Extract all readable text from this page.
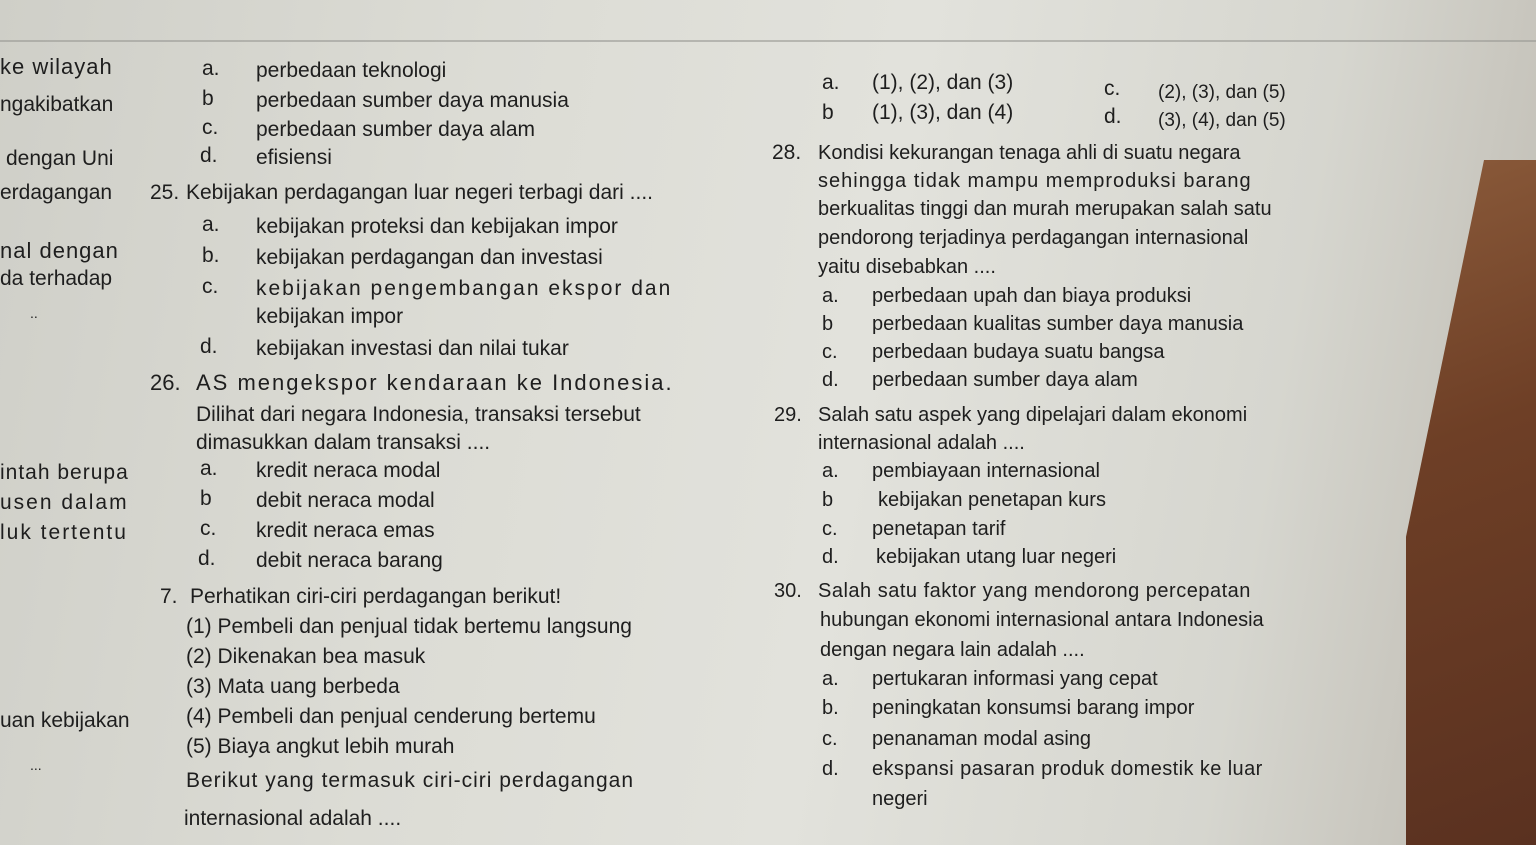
ke wilayah
ngakibatkan
dengan Uni
erdagangan
nal dengan
da terhadap
..
intah berupa
usen dalam
luk tertentu
uan kebijakan
...
a. perbedaan teknologi
b perbedaan sumber daya manusia
c. perbedaan sumber daya alam
d. efisiensi
25. Kebijakan perdagangan luar negeri terbagi dari ....
a. kebijakan proteksi dan kebijakan impor
b. kebijakan perdagangan dan investasi
c. kebijakan pengembangan ekspor dan
kebijakan impor
d. kebijakan investasi dan nilai tukar
26. AS mengekspor kendaraan ke Indonesia.
Dilihat dari negara Indonesia, transaksi tersebut
dimasukkan dalam transaksi ....
a. kredit neraca modal
b debit neraca modal
c. kredit neraca emas
d. debit neraca barang
7. Perhatikan ciri-ciri perdagangan berikut!
(1) Pembeli dan penjual tidak bertemu langsung
(2) Dikenakan bea masuk
(3) Mata uang berbeda
(4) Pembeli dan penjual cenderung bertemu
(5) Biaya angkut lebih murah
Berikut yang termasuk ciri-ciri perdagangan
internasional adalah ....
a. (1), (2), dan (3)
b (1), (3), dan (4)
c. (2), (3), dan (5)
d. (3), (4), dan (5)
28. Kondisi kekurangan tenaga ahli di suatu negara
sehingga tidak mampu memproduksi barang
berkualitas tinggi dan murah merupakan salah satu
pendorong terjadinya perdagangan internasional
yaitu disebabkan ....
a. perbedaan upah dan biaya produksi
b perbedaan kualitas sumber daya manusia
c. perbedaan budaya suatu bangsa
d. perbedaan sumber daya alam
29. Salah satu aspek yang dipelajari dalam ekonomi
internasional adalah ....
a. pembiayaan internasional
b kebijakan penetapan kurs
c. penetapan tarif
d. kebijakan utang luar negeri
30. Salah satu faktor yang mendorong percepatan
hubungan ekonomi internasional antara Indonesia
dengan negara lain adalah ....
a. pertukaran informasi yang cepat
b. peningkatan konsumsi barang impor
c. penanaman modal asing
d. ekspansi pasaran produk domestik ke luar
negeri
